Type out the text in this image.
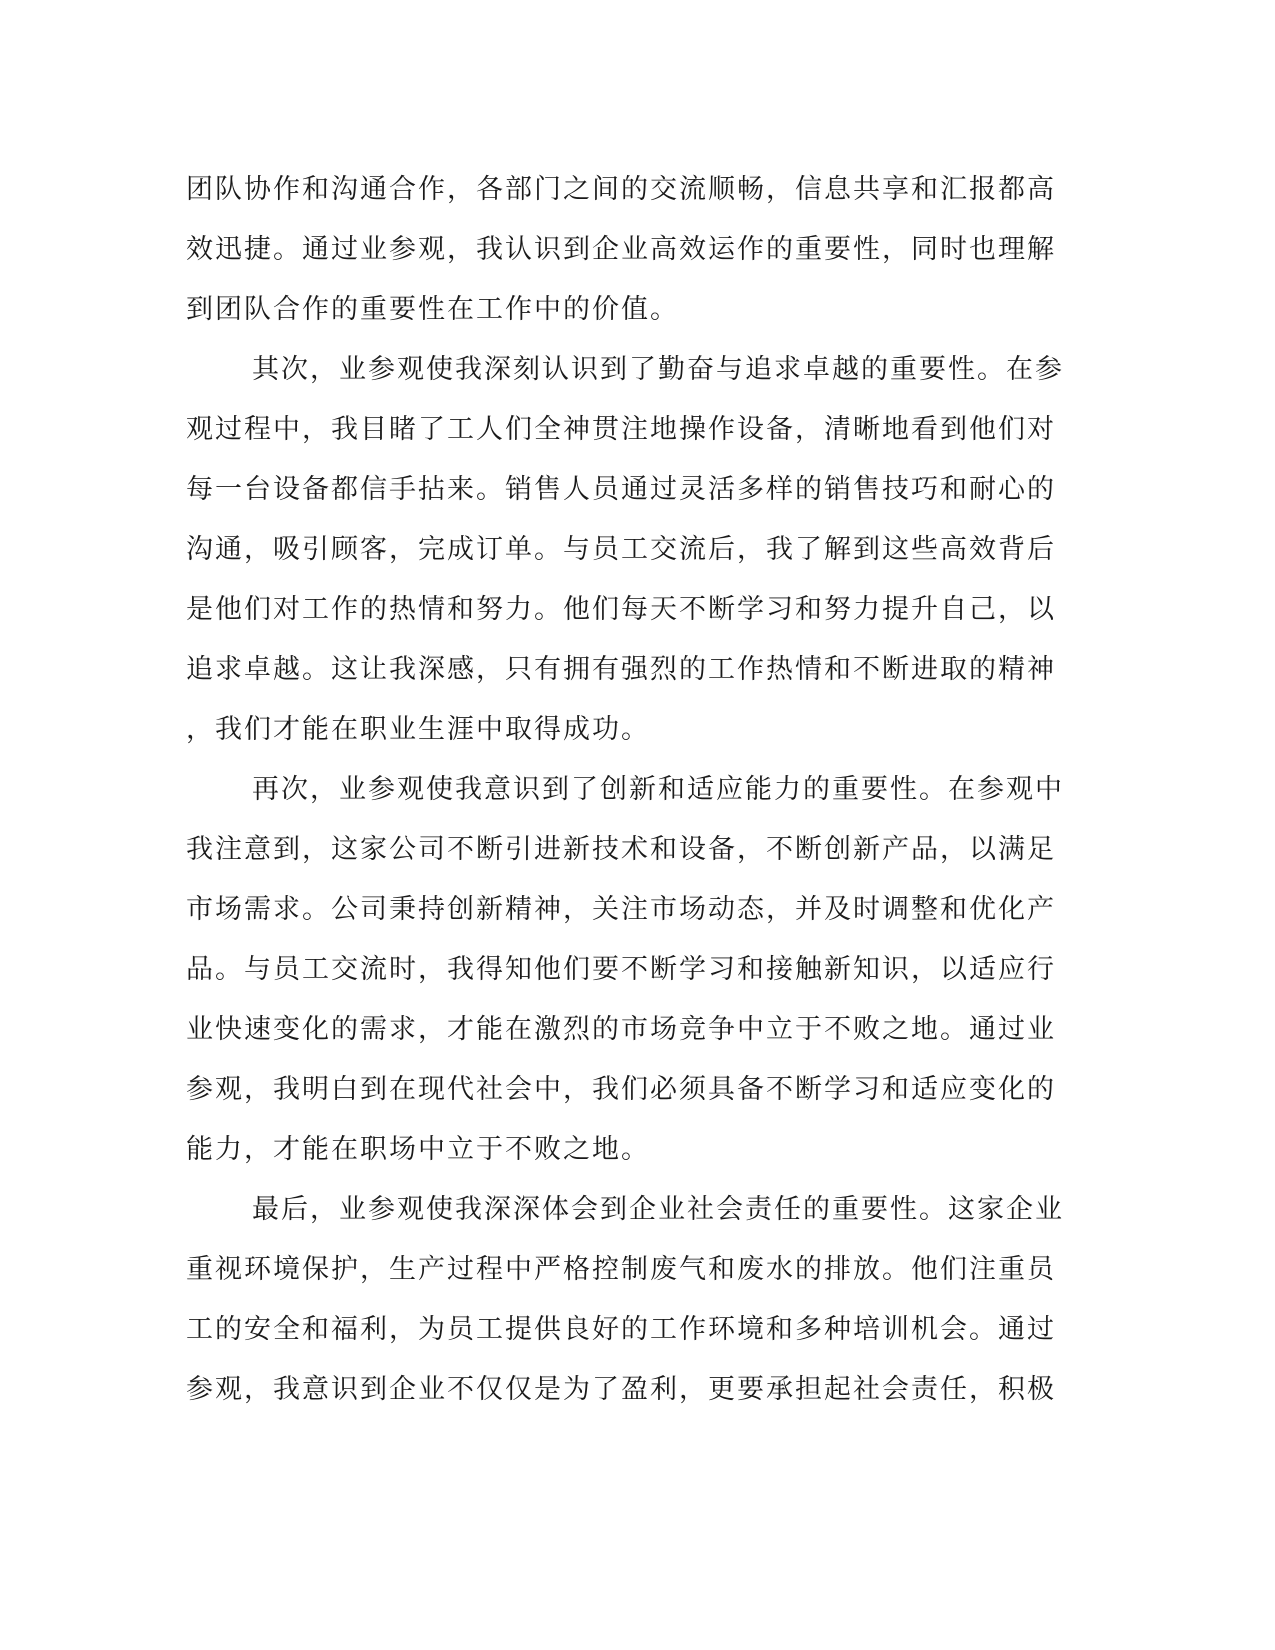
团队协作和沟通合作，各部门之间的交流顺畅，信息共享和汇报都高
效迅捷。通过业参观，我认识到企业高效运作的重要性，同时也理解
到团队合作的重要性在工作中的价值。
其次，业参观使我深刻认识到了勤奋与追求卓越的重要性。在参
观过程中，我目睹了工人们全神贯注地操作设备，清晰地看到他们对
每一台设备都信手拈来。销售人员通过灵活多样的销售技巧和耐心的
沟通，吸引顾客，完成订单。与员工交流后，我了解到这些高效背后
是他们对工作的热情和努力。他们每天不断学习和努力提升自己，以
追求卓越。这让我深感，只有拥有强烈的工作热情和不断进取的精神
，我们才能在职业生涯中取得成功。
再次，业参观使我意识到了创新和适应能力的重要性。在参观中
我注意到，这家公司不断引进新技术和设备，不断创新产品，以满足
市场需求。公司秉持创新精神，关注市场动态，并及时调整和优化产
品。与员工交流时，我得知他们要不断学习和接触新知识，以适应行
业快速变化的需求，才能在激烈的市场竞争中立于不败之地。通过业
参观，我明白到在现代社会中，我们必须具备不断学习和适应变化的
能力，才能在职场中立于不败之地。
最后，业参观使我深深体会到企业社会责任的重要性。这家企业
重视环境保护，生产过程中严格控制废气和废水的排放。他们注重员
工的安全和福利，为员工提供良好的工作环境和多种培训机会。通过
参观，我意识到企业不仅仅是为了盈利，更要承担起社会责任，积极
